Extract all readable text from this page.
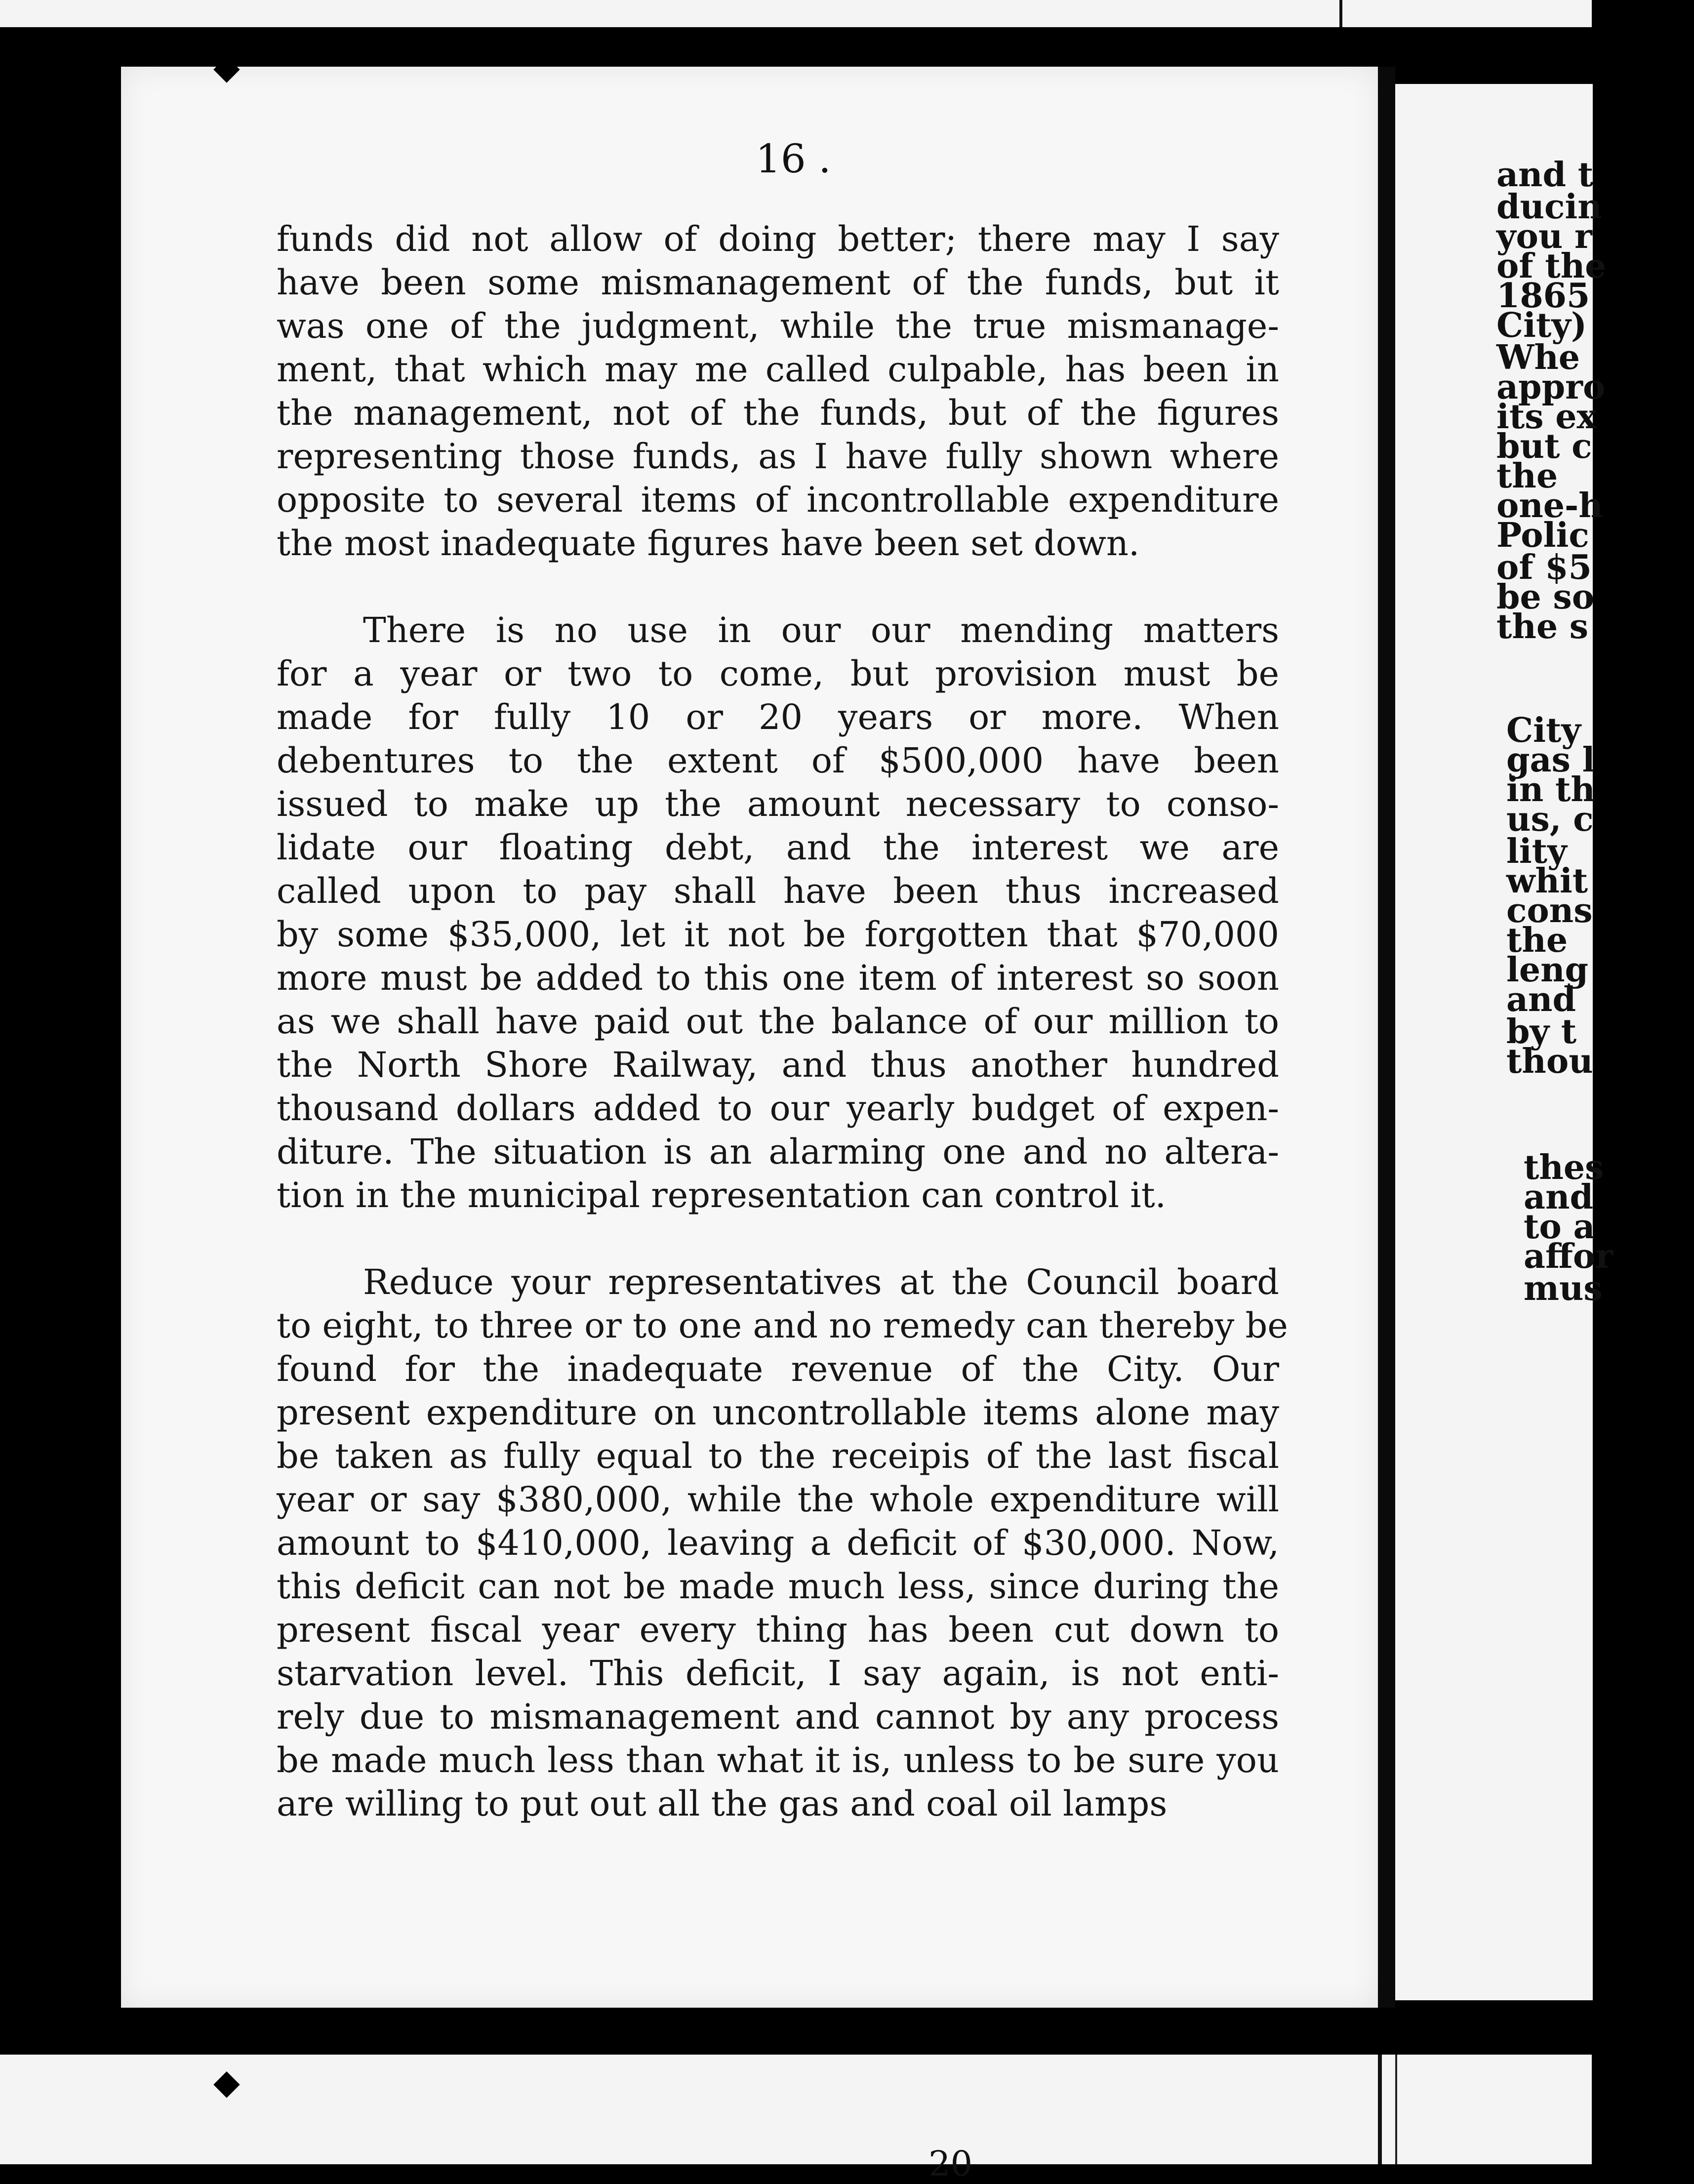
and t
ducin
you r
of the
1865
City)
Whe
appro
its ex
but c
the
one-h
Polic
of $5
be so
the s
City
gas l
in th
us, c
lity
whit
cons
the
leng
and
by t
thou
thes
and
to a
affor
mus
◆
◆
20
16 .
funds did not allow of doing better; there may I say
have been some mismanagement of the funds, but it
was one of the judgment, while the true mismanage-
ment, that which may me called culpable, has been in
the management, not of the funds, but of the figures
representing those funds, as I have fully shown where
opposite to several items of incontrollable expenditure
the most inadequate figures have been set down.
There is no use in our our mending matters
for a year or two to come, but provision must be
made for fully 10 or 20 years or more. When
debentures to the extent of $500,000 have been
issued to make up the amount necessary to conso-
lidate our floating debt, and the interest we are
called upon to pay shall have been thus increased
by some $35,000, let it not be forgotten that $70,000
more must be added to this one item of interest so soon
as we shall have paid out the balance of our million to
the North Shore Railway, and thus another hundred
thousand dollars added to our yearly budget of expen-
diture. The situation is an alarming one and no altera-
tion in the municipal representation can control it.
Reduce your representatives at the Council board
to eight, to three or to one and no remedy can thereby be
found for the inadequate revenue of the City. Our
present expenditure on uncontrollable items alone may
be taken as fully equal to the receipis of the last fiscal
year or say $380,000, while the whole expenditure will
amount to $410,000, leaving a deficit of $30,000. Now,
this deficit can not be made much less, since during the
present fiscal year every thing has been cut down to
starvation level. This deficit, I say again, is not enti-
rely due to mismanagement and cannot by any process
be made much less than what it is, unless to be sure you
are willing to put out all the gas and coal oil lamps
